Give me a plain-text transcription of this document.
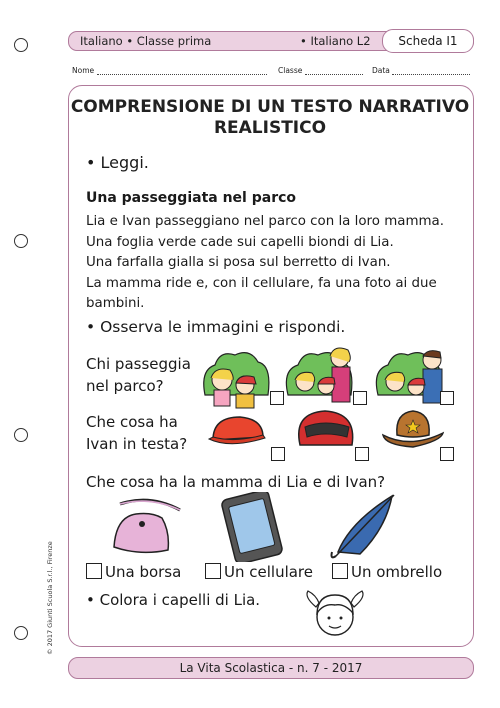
Italiano • Classe prima	• Italiano L2	Scheda I1
Nome	Classe	Data
COMPRENSIONE DI UN TESTO NARRATIVO
REALISTICO
• Leggi.
Una passeggiata nel parco
Lia e Ivan passeggiano nel parco con la loro mamma.
Una foglia verde cade sui capelli biondi di Lia.
Una farfalla gialla si posa sul berretto di Ivan.
La mamma ride e, con il cellulare, fa una foto ai due
bambini.
• Osserva le immagini e rispondi.
Chi passeggia
nel parco?
Che cosa ha
Ivan in testa?
Che cosa ha la mamma di Lia e di Ivan?
Una borsa	Un cellulare	Un ombrello
• Colora i capelli di Lia.
La Vita Scolastica - n. 7 - 2017
© 2017 Giunti Scuola S.r.l., Firenze
